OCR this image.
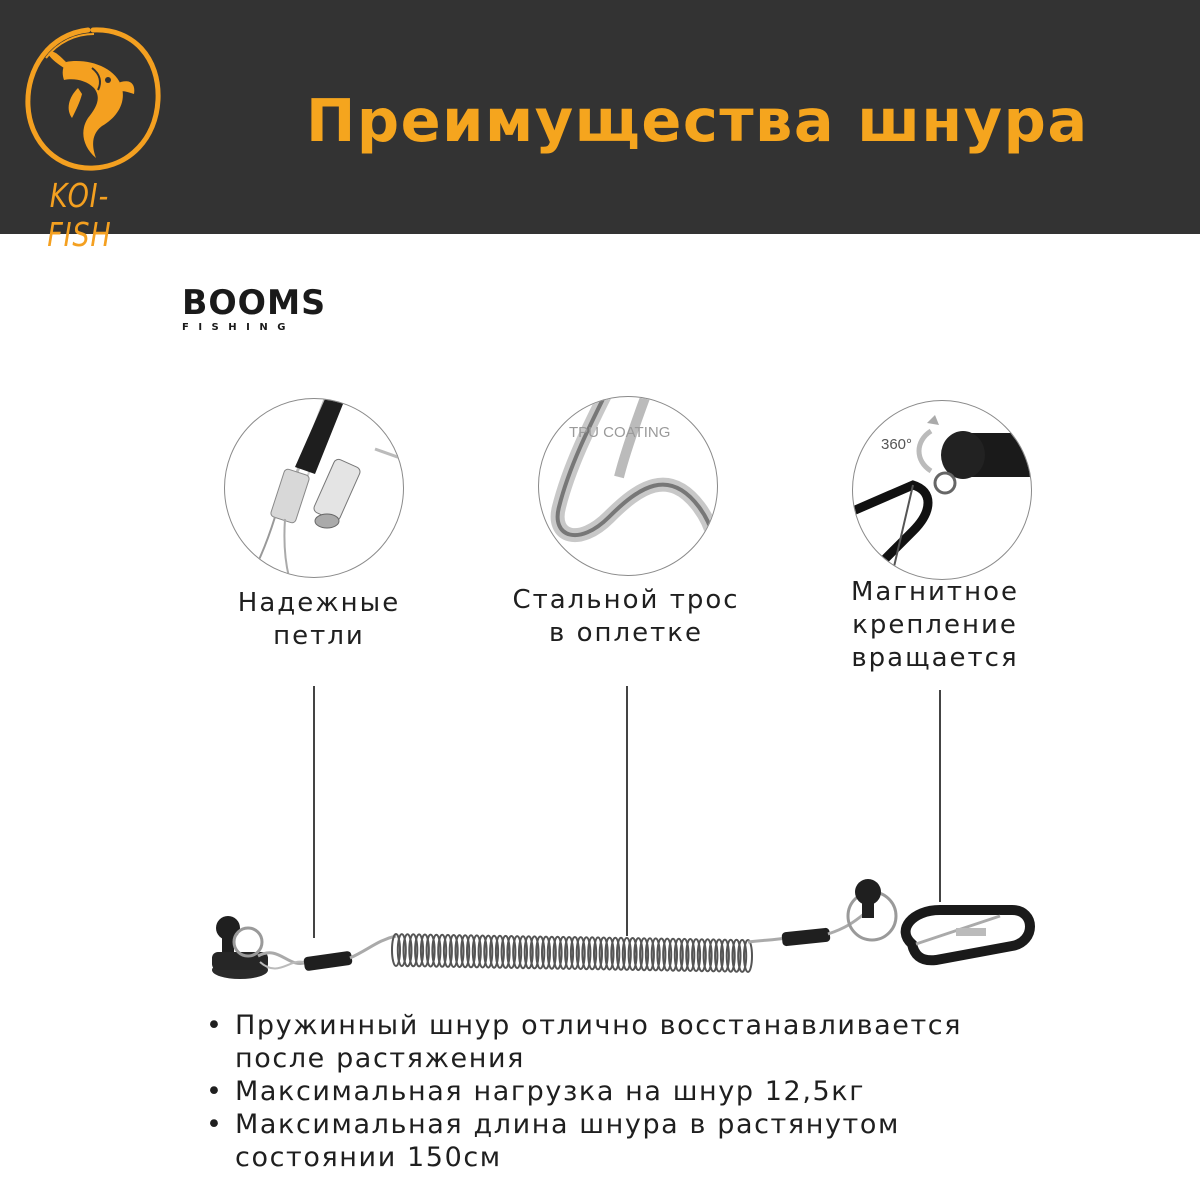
KOI-FISH
Преимущества шнура
BOOMS
FISHING
TPU COATING
360°
Надежные
петли
Стальной трос
в оплетке
Магнитное
крепление
вращается
• Пружинный шнур отлично восстанавливается
после растяжения
• Максимальная нагрузка на шнур 12,5кг
• Максимальная длина шнура в растянутом
состоянии 150см
